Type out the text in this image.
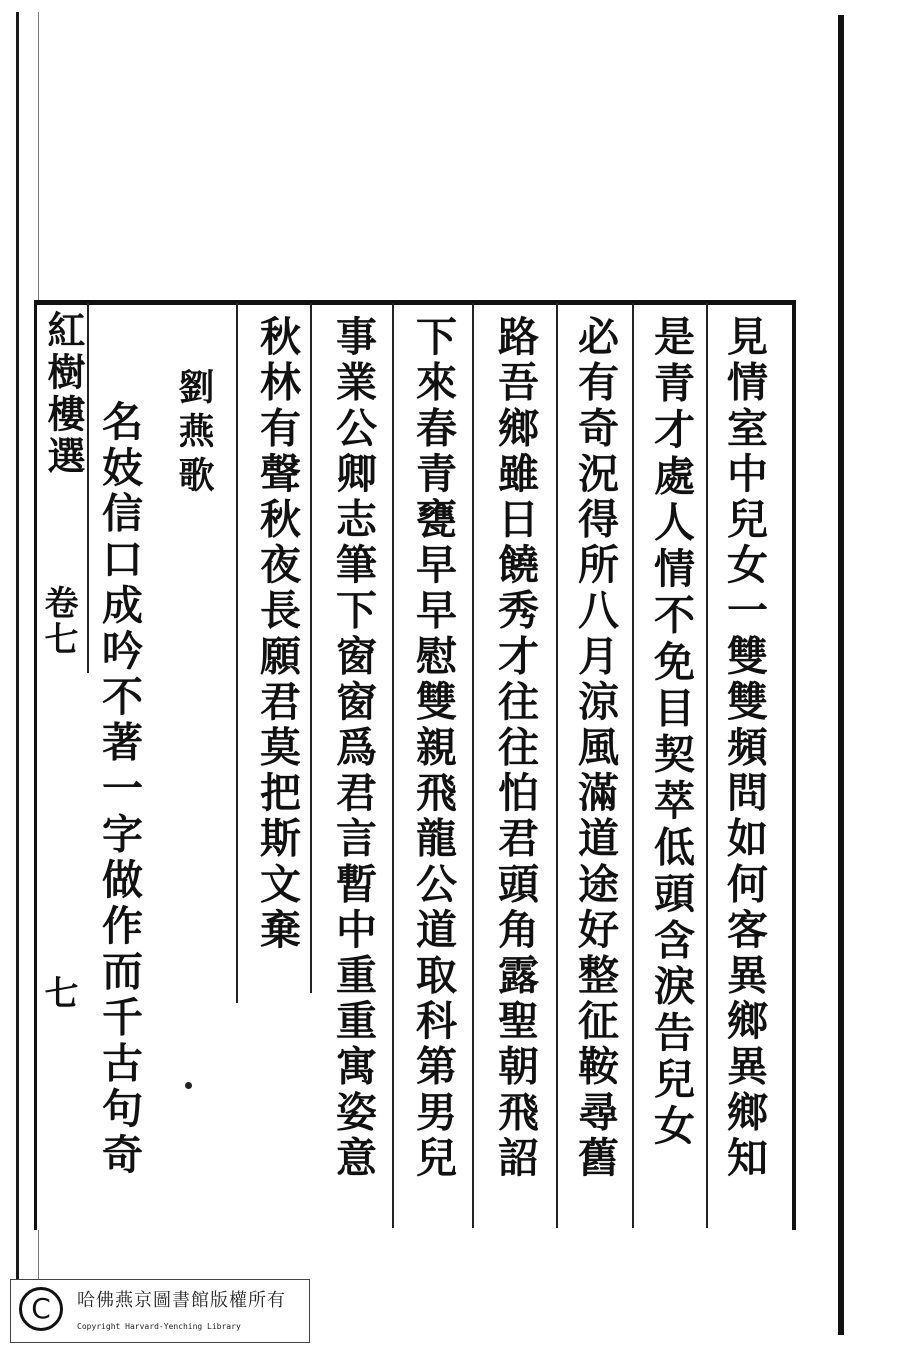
紅樹樓選
卷七
七	見情室中兒女一雙雙頻問如何客異鄉異鄉知
是青才處人情不免目契萃低頭含淚告兒女
必有奇況得所八月涼風滿道途好整征鞍尋舊
路吾鄉雖日饒秀才往往怕君頭角露聖朝飛詔
下來春青甕早早慰雙親飛龍公道取科第男兒
事業公卿志筆下窗窗爲君言暫中重重寓姿意
秋林有聲秋夜長願君莫把斯文棄
劉燕歌
名妓信口成吟不著一字做作而千古句奇
C	哈佛燕京圖書館版權所有
Copyright Harvard-Yenching Library
